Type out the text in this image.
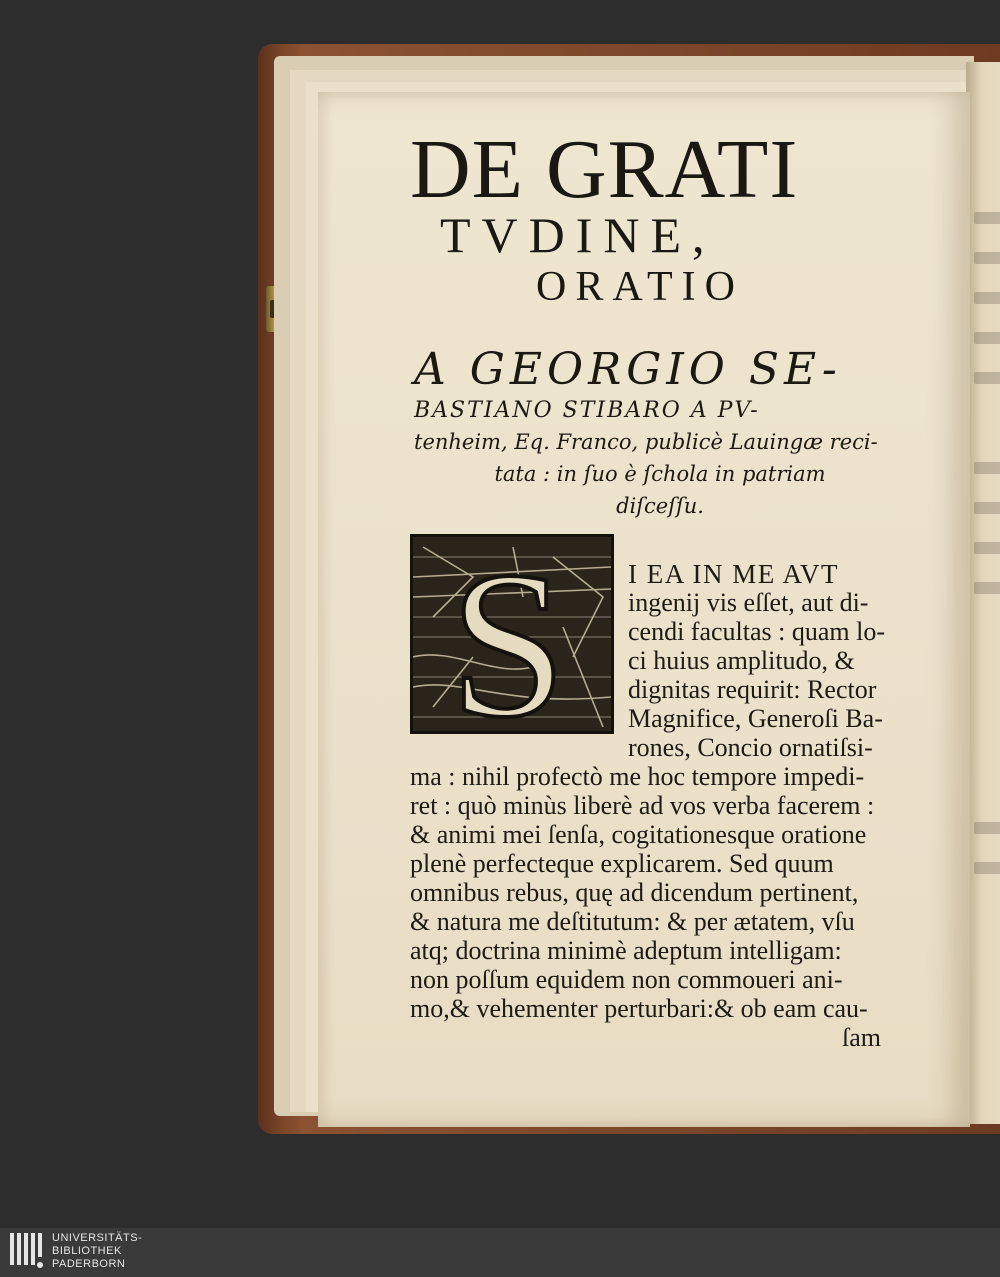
DE GRATI
TVDINE,
ORATIO
A GEORGIO SE-
BASTIANO STIBARO A PV-
tenheim, Eq. Franco, publicè Lauingæ reci-
tata : in ſuo è ſchola in patriam
diſceſſu.
S I EA IN ME AVT
ingenij vis eſſet, aut di-
cendi facultas : quam lo-
ci huius amplitudo, &
dignitas requirit: Rector
Magnifice, Generoſi Ba-
rones, Concio ornatiſsi-
ma : nihil profectò me hoc tempore impedi-
ret : quò minùs liberè ad vos verba facerem :
& animi mei ſenſa, cogitationesque oratione
plenè perfecteque explicarem. Sed quum
omnibus rebus, quę ad dicendum pertinent,
& natura me deſtitutum: & per ætatem, vſu
atq; doctrina minimè adeptum intelligam:
non poſſum equidem non commoueri ani-
mo,& vehementer perturbari:& ob eam cau-
ſam
UNIVERSITÄTS-
BIBLIOTHEK
PADERBORN
